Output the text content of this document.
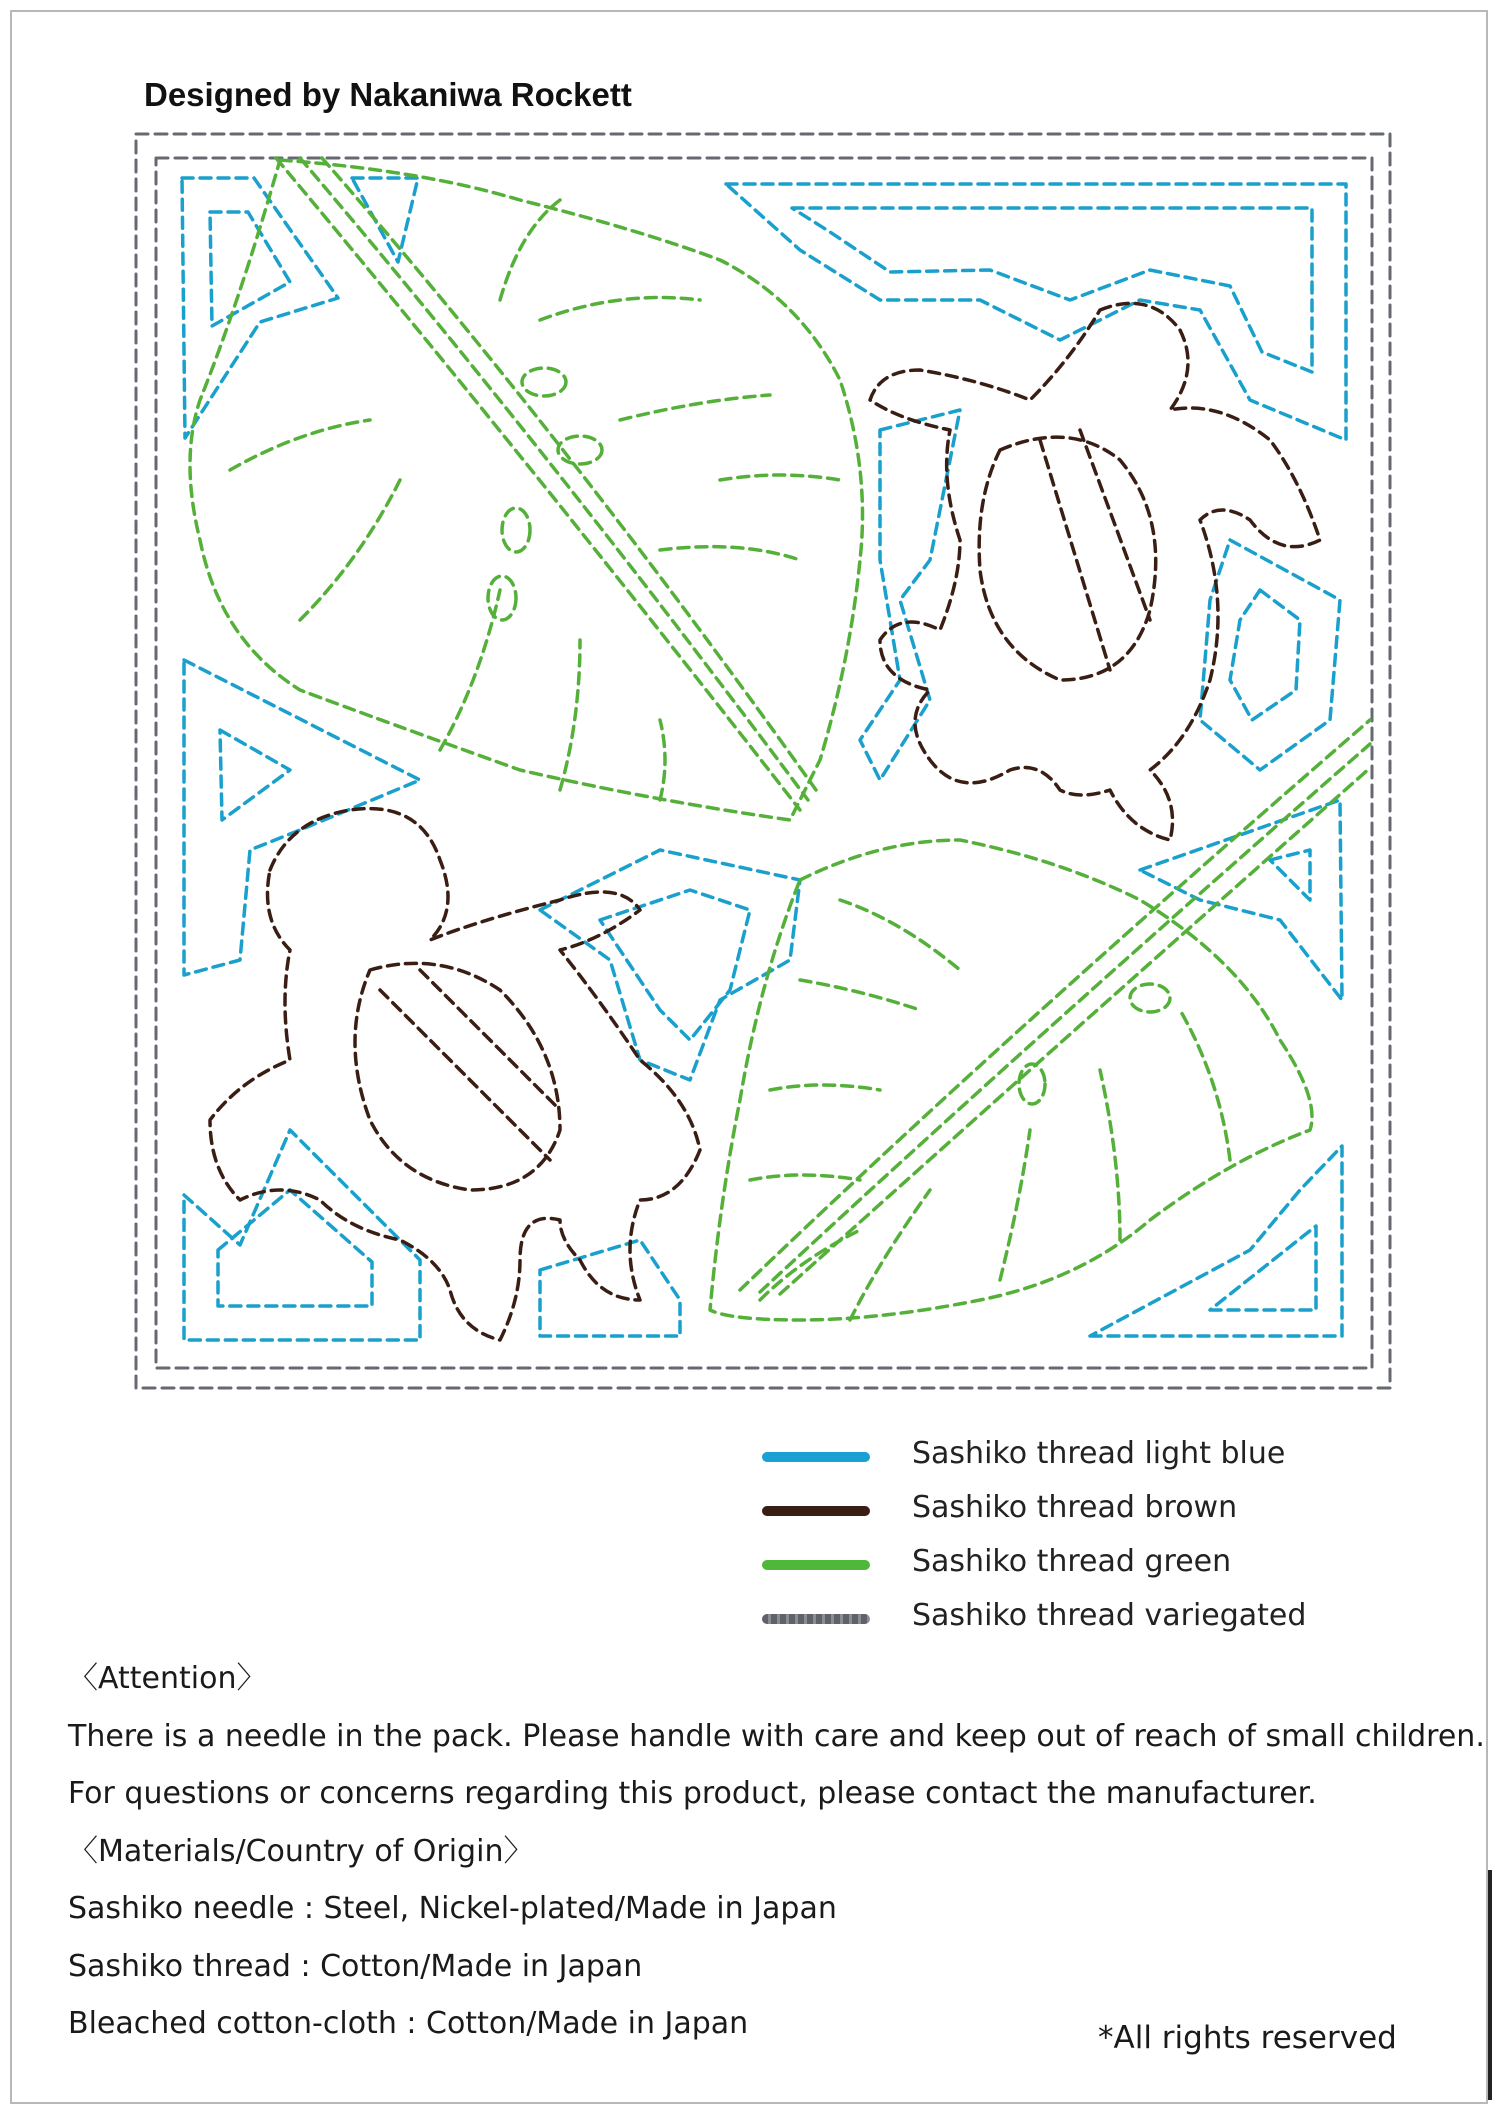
Designed by Nakaniwa Rockett
Sashiko thread light blue
Sashiko thread brown
Sashiko thread green
Sashiko thread variegated
〈Attention〉
There is a needle in the pack. Please handle with care and keep out of reach of small children.
For questions or concerns regarding this product, please contact the manufacturer.
〈Materials/Country of Origin〉
Sashiko needle : Steel, Nickel-plated/Made in Japan
Sashiko thread : Cotton/Made in Japan
Bleached cotton-cloth : Cotton/Made in Japan	*All rights reserved
